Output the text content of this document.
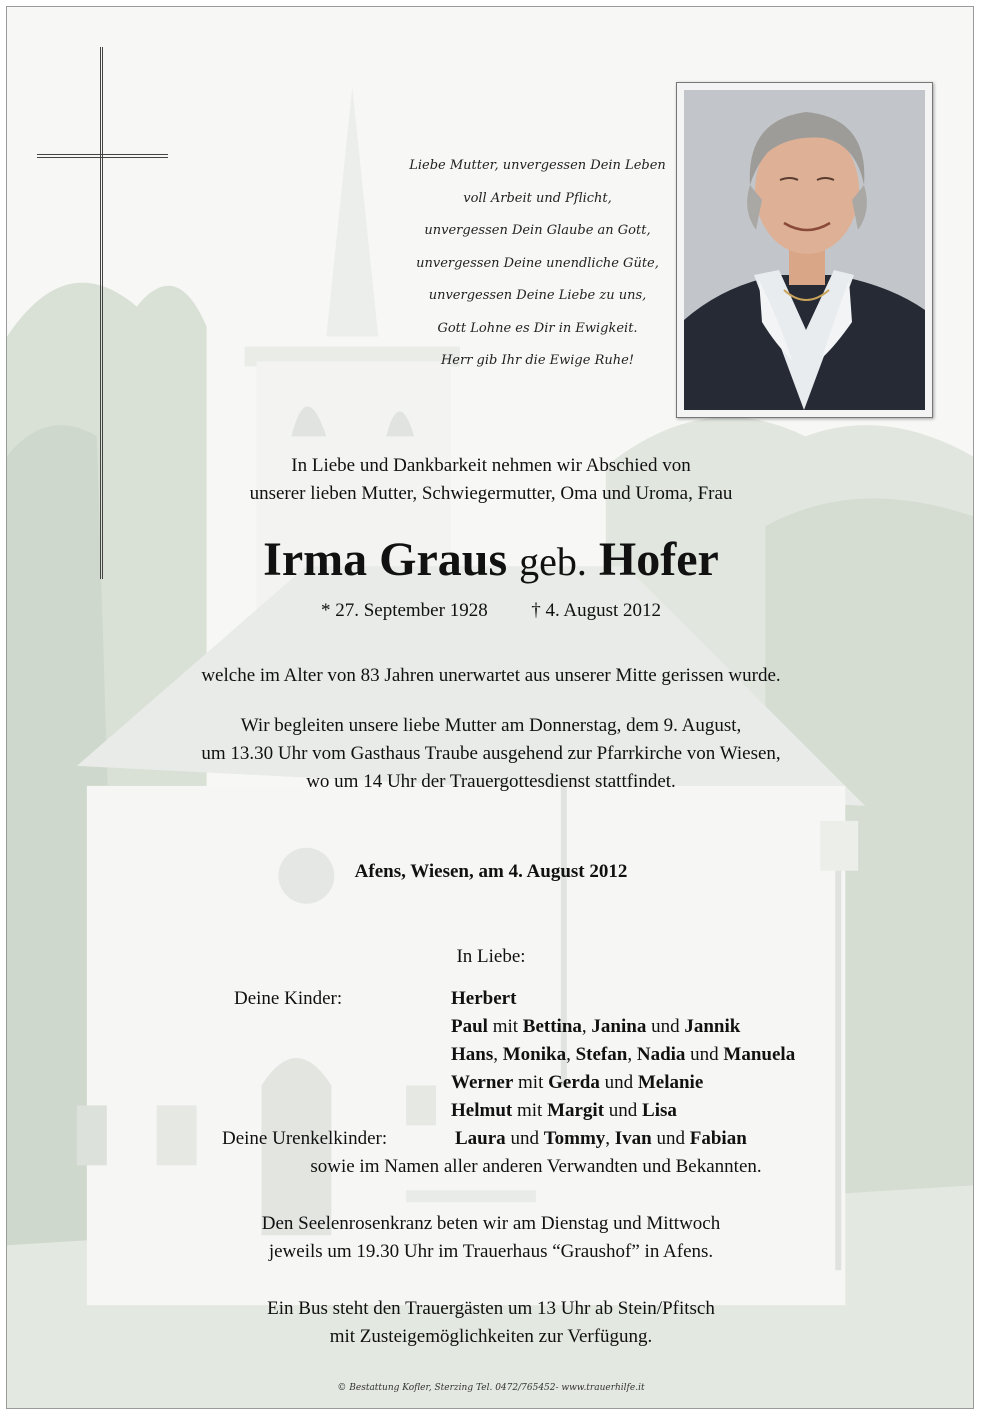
Liebe Mutter, unvergessen Dein Leben
voll Arbeit und Pflicht,
unvergessen Dein Glaube an Gott,
unvergessen Deine unendliche Güte,
unvergessen Deine Liebe zu uns,
Gott Lohne es Dir in Ewigkeit.
Herr gib Ihr die Ewige Ruhe!
In Liebe und Dankbarkeit nehmen wir Abschied von
unserer lieben Mutter, Schwiegermutter, Oma und Uroma, Frau
Irma Graus geb. Hofer
* 27. September 1928 † 4. August 2012
welche im Alter von 83 Jahren unerwartet aus unserer Mitte gerissen wurde.
Wir begleiten unsere liebe Mutter am Donnerstag, dem 9. August,
um 13.30 Uhr vom Gasthaus Traube ausgehend zur Pfarrkirche von Wiesen,
wo um 14 Uhr der Trauergottesdienst stattfindet.
Afens, Wiesen, am 4. August 2012
In Liebe:
Deine Kinder:	Herbert
Paul mit Bettina, Janina und Jannik
Hans, Monika, Stefan, Nadia und Manuela
Werner mit Gerda und Melanie
Helmut mit Margit und Lisa
Deine Urenkelkinder:	Laura und Tommy, Ivan und Fabian
sowie im Namen aller anderen Verwandten und Bekannten.
Den Seelenrosenkranz beten wir am Dienstag und Mittwoch
jeweils um 19.30 Uhr im Trauerhaus “Graushof” in Afens.
Ein Bus steht den Trauergästen um 13 Uhr ab Stein/Pfitsch
mit Zusteigemöglichkeiten zur Verfügung.
© Bestattung Kofler, Sterzing Tel. 0472/765452- www.trauerhilfe.it
